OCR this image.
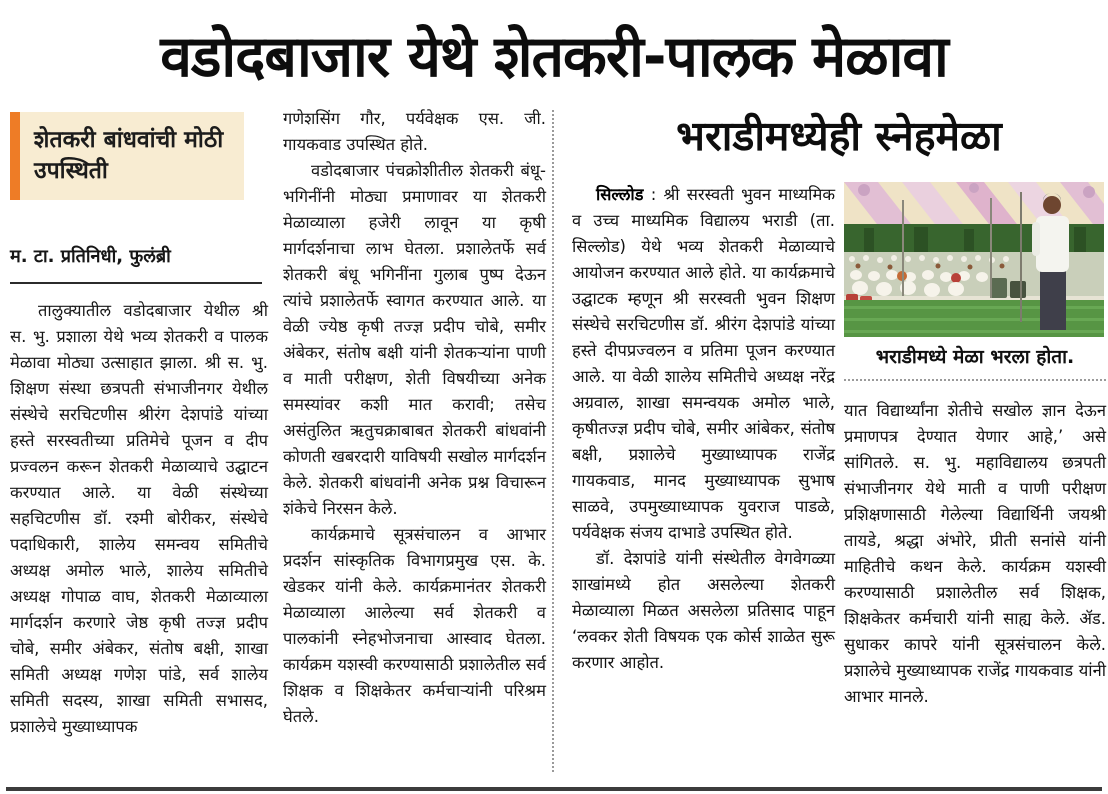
वडोदबाजार येथे शेतकरी-पालक मेळावा
शेतकरी बांधवांची मोठी उपस्थिती
म. टा. प्रतिनिधी, फुलंब्री

तालुक्यातील वडोदबाजार येथील श्री स. भु. प्रशाला येथे भव्य शेतकरी व पालक मेळावा मोठ्या उत्साहात झाला. श्री स. भु. शिक्षण संस्था छत्रपती संभाजीनगर येथील संस्थेचे सरचिटणीस श्रीरंग देशपांडे यांच्या हस्ते सरस्वतीच्या प्रतिमेचे पूजन व दीप प्रज्वलन करून शेतकरी मेळाव्याचे उद्घाटन करण्यात आले. या वेळी संस्थेच्या सहचिटणीस डॉ. रश्मी बोरीकर, संस्थेचे पदाधिकारी, शालेय समन्वय समितीचे अध्यक्ष अमोल भाले, शालेय समितीचे अध्यक्ष गोपाळ वाघ, शेतकरी मेळाव्याला मार्गदर्शन करणारे जेष्ठ कृषी तज्ज्ञ प्रदीप चोबे, समीर अंबेकर, संतोष बक्षी, शाखा समिती अध्यक्ष गणेश पांडे, सर्व शालेय समिती सदस्य, शाखा समिती सभासद, प्रशालेचे मुख्याध्यापक

गणेशसिंग गौर, पर्यवेक्षक एस. जी. गायकवाड उपस्थित होते.

वडोदबाजार पंचक्रोशीतील शेतकरी बंधू-भगिनींनी मोठ्या प्रमाणावर या शेतकरी मेळाव्याला हजेरी लावून या कृषी मार्गदर्शनाचा लाभ घेतला. प्रशालेतर्फे सर्व शेतकरी बंधू भगिनींना गुलाब पुष्प देऊन त्यांचे प्रशालेतर्फे स्वागत करण्यात आले. या वेळी ज्येष्ठ कृषी तज्ज्ञ प्रदीप चोबे, समीर अंबेकर, संतोष बक्षी यांनी शेतकऱ्यांना पाणी व माती परीक्षण, शेती विषयीच्या अनेक समस्यांवर कशी मात करावी; तसेच असंतुलित ऋतुचक्राबाबत शेतकरी बांधवांनी कोणती खबरदारी याविषयी सखोल मार्गदर्शन केले. शेतकरी बांधवांनी अनेक प्रश्न विचारून शंकेचे निरसन केले.

कार्यक्रमाचे सूत्रसंचालन व आभार प्रदर्शन सांस्कृतिक विभागप्रमुख एस. के. खेडकर यांनी केले. कार्यक्रमानंतर शेतकरी मेळाव्याला आलेल्या सर्व शेतकरी व पालकांनी स्नेहभोजनाचा आस्वाद घेतला. कार्यक्रम यशस्वी करण्यासाठी प्रशालेतील सर्व शिक्षक व शिक्षकेतर कर्मचाऱ्यांनी परिश्रम घेतले.

भराडीमध्येही स्नेहमेळा

सिल्लोड : श्री सरस्वती भुवन माध्यमिक व उच्च माध्यमिक विद्यालय भराडी (ता. सिल्लोड) येथे भव्य शेतकरी मेळाव्याचे आयोजन करण्यात आले होते. या कार्यक्रमाचे उद्घाटक म्हणून श्री सरस्वती भुवन शिक्षण संस्थेचे सरचिटणीस डॉ. श्रीरंग देशपांडे यांच्या हस्ते दीपप्रज्वलन व प्रतिमा पूजन करण्यात आले. या वेळी शालेय समितीचे अध्यक्ष नरेंद्र अग्रवाल, शाखा समन्वयक अमोल भाले, कृषीतज्ज्ञ प्रदीप चोबे, समीर आंबेकर, संतोष बक्षी, प्रशालेचे मुख्याध्यापक राजेंद्र गायकवाड, मानद मुख्याध्यापक सुभाष साळवे, उपमुख्याध्यापक युवराज पाडळे, पर्यवेक्षक संजय दाभाडे उपस्थित होते.

डॉ. देशपांडे यांनी संस्थेतील वेगवेगळ्या शाखांमध्ये होत असलेल्या शेतकरी मेळाव्याला मिळत असलेला प्रतिसाद पाहून ‘लवकर शेती विषयक एक कोर्स शाळेत सुरू करणार आहोत.

भराडीमध्ये मेळा भरला होता.

यात विद्यार्थ्यांना शेतीचे सखोल ज्ञान देऊन प्रमाणपत्र देण्यात येणार आहे,’ असे सांगितले. स. भु. महाविद्यालय छत्रपती संभाजीनगर येथे माती व पाणी परीक्षण प्रशिक्षणासाठी गेलेल्या विद्यार्थिनी जयश्री तायडे, श्रद्धा अंभोरे, प्रीती सनांसे यांनी माहितीचे कथन केले. कार्यक्रम यशस्वी करण्यासाठी प्रशालेतील सर्व शिक्षक, शिक्षकेतर कर्मचारी यांनी साह्य केले. ॲड. सुधाकर कापरे यांनी सूत्रसंचालन केले. प्रशालेचे मुख्याध्यापक राजेंद्र गायकवाड यांनी आभार मानले.
